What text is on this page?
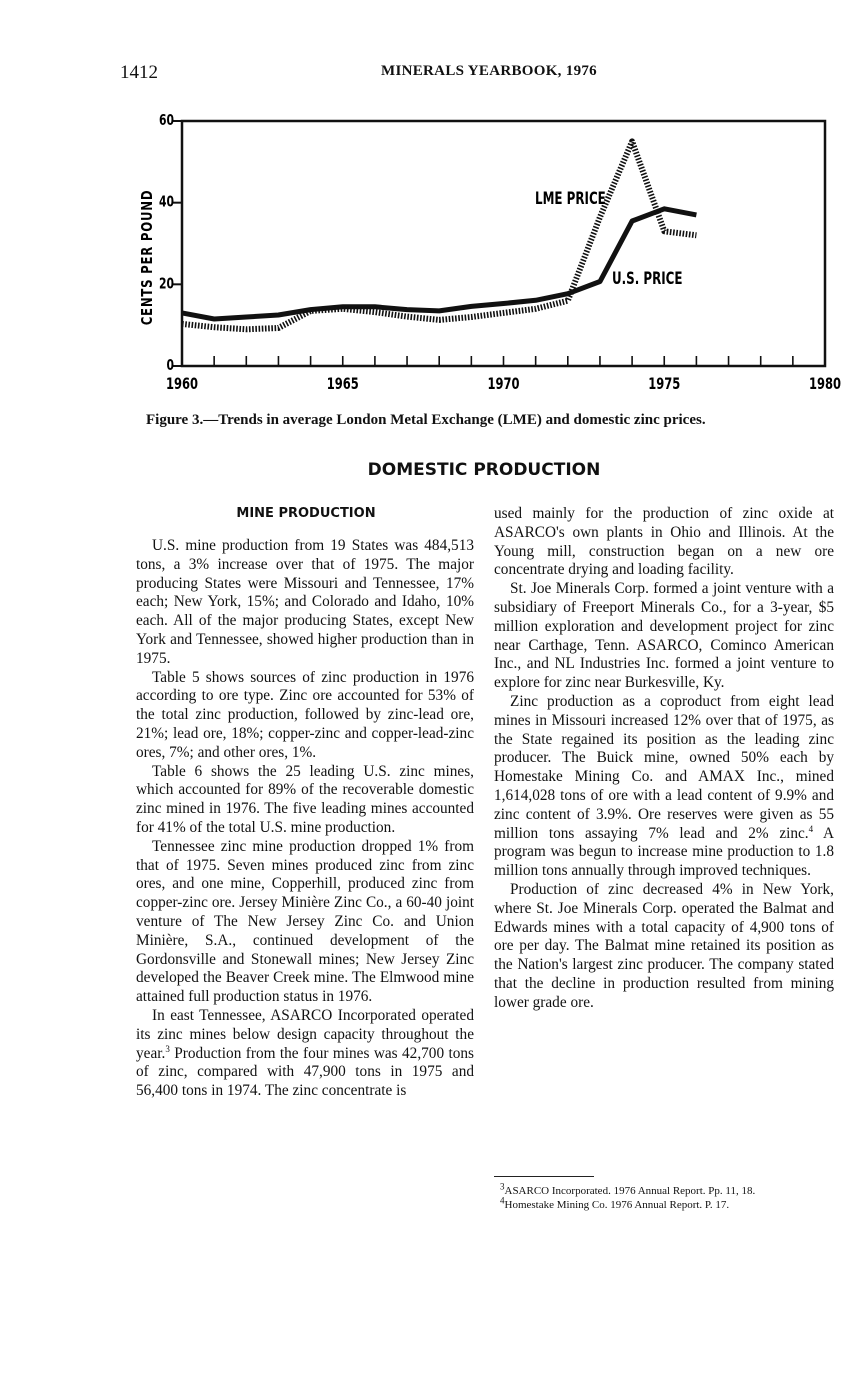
1412	MINERALS YEARBOOK, 1976
0
20
40
60
1960	1965	1970	1975	1980
CENTS PER POUND	LME PRICE
U.S. PRICE
Figure 3.—Trends in average London Metal Exchange (LME) and domestic zinc prices.
DOMESTIC PRODUCTION
MINE PRODUCTION

U.S. mine production from 19 States was 484,513 tons, a 3% increase over that of 1975. The major producing States were Missouri and Tennessee, 17% each; New York, 15%; and Colorado and Idaho, 10% each. All of the major producing States, except New York and Tennessee, showed higher production than in 1975.

Table 5 shows sources of zinc production in 1976 according to ore type. Zinc ore accounted for 53% of the total zinc production, followed by zinc-lead ore, 21%; lead ore, 18%; copper-zinc and copper-lead-zinc ores, 7%; and other ores, 1%.

Table 6 shows the 25 leading U.S. zinc mines, which accounted for 89% of the recoverable domestic zinc mined in 1976. The five leading mines accounted for 41% of the total U.S. mine production.

Tennessee zinc mine production dropped 1% from that of 1975. Seven mines produced zinc from zinc ores, and one mine, Copperhill, produced zinc from copper-zinc ore. Jersey Minière Zinc Co., a 60-40 joint venture of The New Jersey Zinc Co. and Union Minière, S.A., continued development of the Gordonsville and Stonewall mines; New Jersey Zinc developed the Beaver Creek mine. The Elmwood mine attained full production status in 1976.

In east Tennessee, ASARCO Incorporated operated its zinc mines below design capacity throughout the year.$^3$ Production from the four mines was 42,700 tons of zinc, compared with 47,900 tons in 1975 and 56,400 tons in 1974. The zinc concentrate is

used mainly for the production of zinc oxide at ASARCO's own plants in Ohio and Illinois. At the Young mill, construction began on a new ore concentrate drying and loading facility.

St. Joe Minerals Corp. formed a joint venture with a subsidiary of Freeport Minerals Co., for a 3-year, $5 million exploration and development project for zinc near Carthage, Tenn. ASARCO, Cominco American Inc., and NL Industries Inc. formed a joint venture to explore for zinc near Burkesville, Ky.

Zinc production as a coproduct from eight lead mines in Missouri increased 12% over that of 1975, as the State regained its position as the leading zinc producer. The Buick mine, owned 50% each by Homestake Mining Co. and AMAX Inc., mined 1,614,028 tons of ore with a lead content of 9.9% and zinc content of 3.9%. Ore reserves were given as 55 million tons assaying 7% lead and 2% zinc.$^4$ A program was begun to increase mine production to 1.8 million tons annually through improved techniques.

Production of zinc decreased 4% in New York, where St. Joe Minerals Corp. operated the Balmat and Edwards mines with a total capacity of 4,900 tons of ore per day. The Balmat mine retained its position as the Nation's largest zinc producer. The company stated that the decline in production resulted from mining lower grade ore.

$^3$ASARCO Incorporated. 1976 Annual Report. Pp. 11, 18.
$^4$Homestake Mining Co. 1976 Annual Report. P. 17.
